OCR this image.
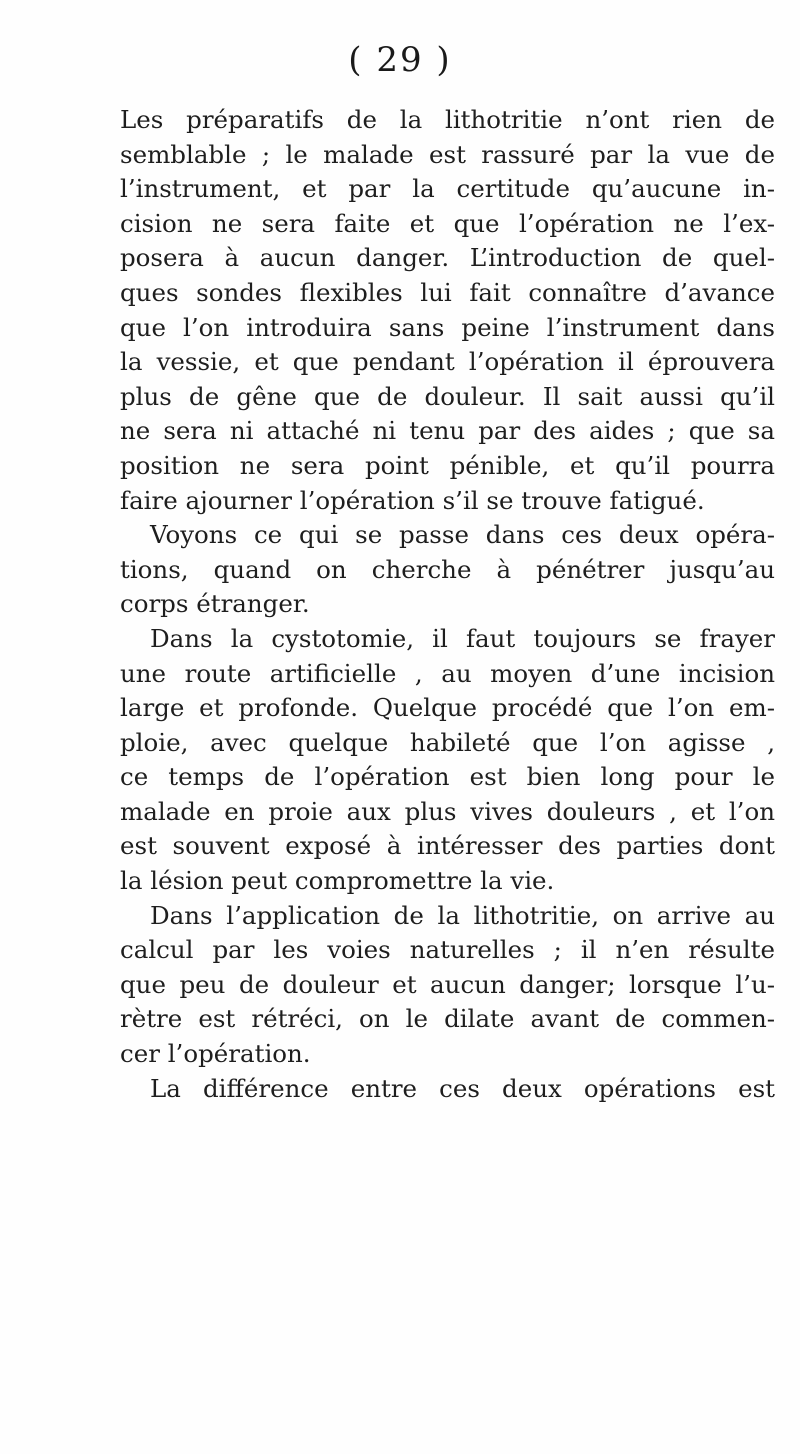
( 29 )
Les préparatifs de la lithotritie n’ont rien de
semblable ; le malade est rassuré par la vue de
l’instrument, et par la certitude qu’aucune in-
cision ne sera faite et que l’opération ne l’ex-
posera à aucun danger. L’introduction de quel-
ques sondes flexibles lui fait connaître d’avance
que l’on introduira sans peine l’instrument dans
la vessie, et que pendant l’opération il éprouvera
plus de gêne que de douleur. Il sait aussi qu’il
ne sera ni attaché ni tenu par des aides ; que sa
position ne sera point pénible, et qu’il pourra
faire ajourner l’opération s’il se trouve fatigué.
Voyons ce qui se passe dans ces deux opéra-
tions, quand on cherche à pénétrer jusqu’au
corps étranger.
Dans la cystotomie, il faut toujours se frayer
une route artificielle , au moyen d’une incision
large et profonde. Quelque procédé que l’on em-
ploie, avec quelque habileté que l’on agisse ,
ce temps de l’opération est bien long pour le
malade en proie aux plus vives douleurs , et l’on
est souvent exposé à intéresser des parties dont
la lésion peut compromettre la vie.
Dans l’application de la lithotritie, on arrive au
calcul par les voies naturelles ; il n’en résulte
que peu de douleur et aucun danger; lorsque l’u-
rètre est rétréci, on le dilate avant de commen-
cer l’opération.
La différence entre ces deux opérations est
